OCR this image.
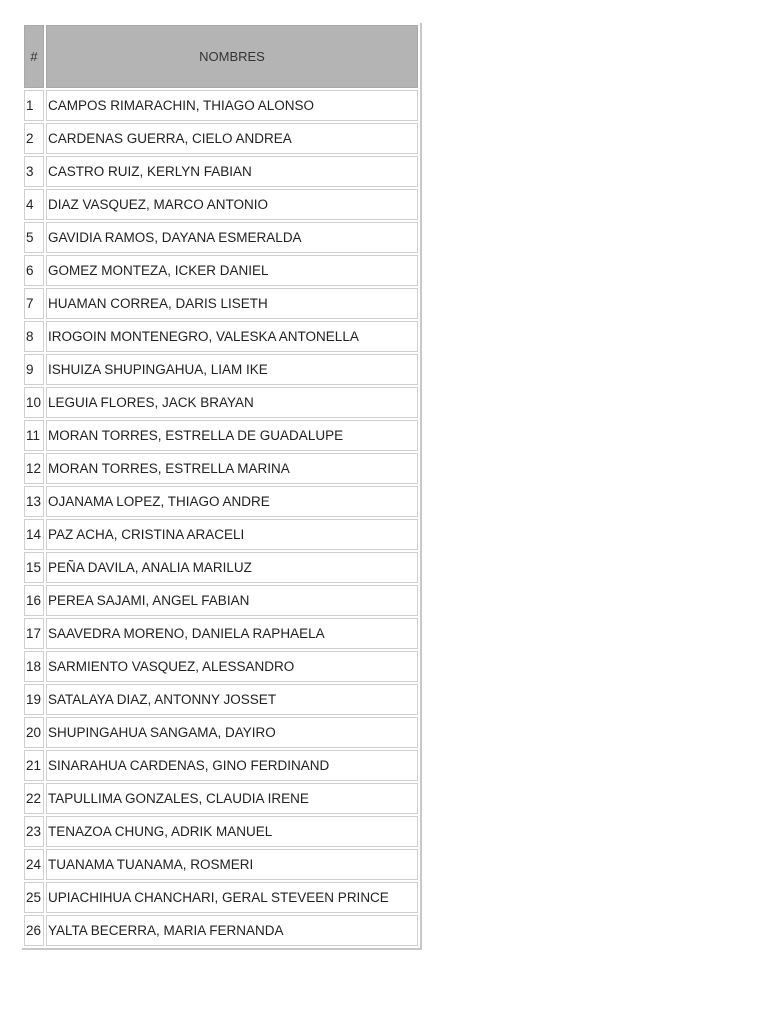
#	NOMBRES
1	CAMPOS RIMARACHIN, THIAGO ALONSO
2	CARDENAS GUERRA, CIELO ANDREA
3	CASTRO RUIZ, KERLYN FABIAN
4	DIAZ VASQUEZ, MARCO ANTONIO
5	GAVIDIA RAMOS, DAYANA ESMERALDA
6	GOMEZ MONTEZA, ICKER DANIEL
7	HUAMAN CORREA, DARIS LISETH
8	IROGOIN MONTENEGRO, VALESKA ANTONELLA
9	ISHUIZA SHUPINGAHUA, LIAM IKE
10	LEGUIA FLORES, JACK BRAYAN
11	MORAN TORRES, ESTRELLA DE GUADALUPE
12	MORAN TORRES, ESTRELLA MARINA
13	OJANAMA LOPEZ, THIAGO ANDRE
14	PAZ ACHA, CRISTINA ARACELI
15	PEÑA DAVILA, ANALIA MARILUZ
16	PEREA SAJAMI, ANGEL FABIAN
17	SAAVEDRA MORENO, DANIELA RAPHAELA
18	SARMIENTO VASQUEZ, ALESSANDRO
19	SATALAYA DIAZ, ANTONNY JOSSET
20	SHUPINGAHUA SANGAMA, DAYIRO
21	SINARAHUA CARDENAS, GINO FERDINAND
22	TAPULLIMA GONZALES, CLAUDIA IRENE
23	TENAZOA CHUNG, ADRIK MANUEL
24	TUANAMA TUANAMA, ROSMERI
25	UPIACHIHUA CHANCHARI, GERAL STEVEEN PRINCE
26	YALTA BECERRA, MARIA FERNANDA
